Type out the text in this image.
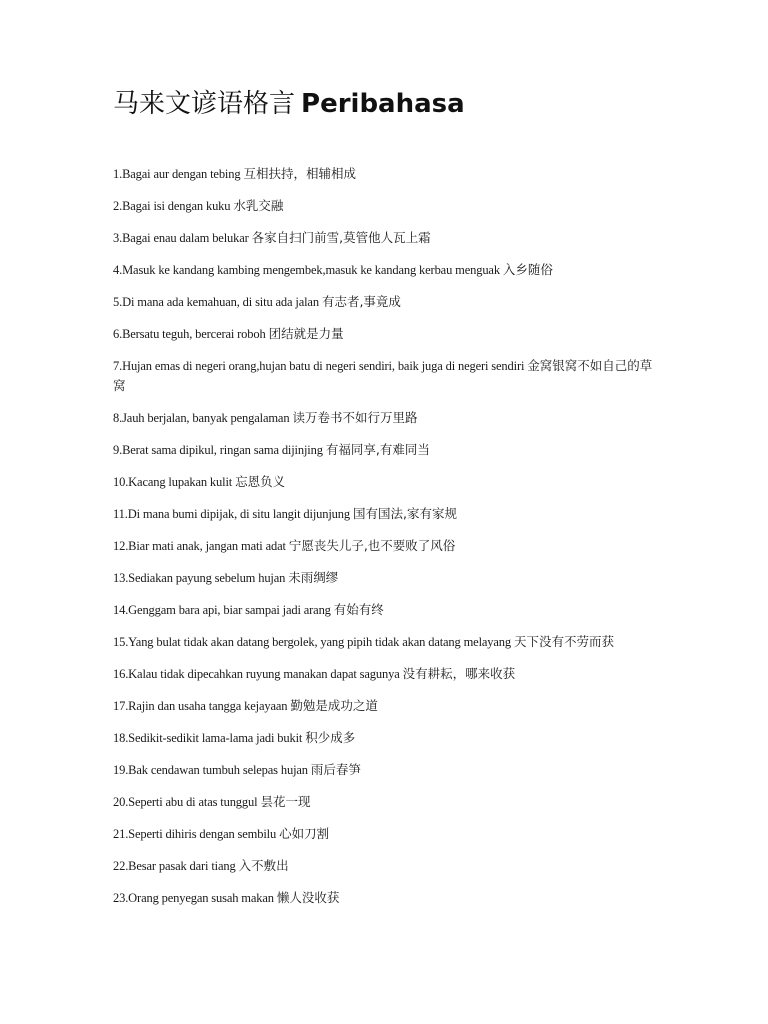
马来文谚语格言 Peribahasa
1.Bagai aur dengan tebing 互相扶持，相辅相成
2.Bagai isi dengan kuku 水乳交融
3.Bagai enau dalam belukar 各家自扫门前雪,莫管他人瓦上霜
4.Masuk ke kandang kambing mengembek,masuk ke kandang kerbau menguak 入乡随俗
5.Di mana ada kemahuan, di situ ada jalan 有志者,事竟成
6.Bersatu teguh, bercerai roboh 团结就是力量
7.Hujan emas di negeri orang,hujan batu di negeri sendiri, baik juga di negeri sendiri 金窝银窝不如自己的草窝
8.Jauh berjalan, banyak pengalaman 读万卷书不如行万里路
9.Berat sama dipikul, ringan sama dijinjing 有福同享,有难同当
10.Kacang lupakan kulit 忘恩负义
11.Di mana bumi dipijak, di situ langit dijunjung 国有国法,家有家规
12.Biar mati anak, jangan mati adat 宁愿丧失儿子,也不要败了风俗
13.Sediakan payung sebelum hujan 未雨绸缪
14.Genggam bara api, biar sampai jadi arang 有始有终
15.Yang bulat tidak akan datang bergolek, yang pipih tidak akan datang melayang 天下没有不劳而获
16.Kalau tidak dipecahkan ruyung manakan dapat sagunya 没有耕耘，哪来收获
17.Rajin dan usaha tangga kejayaan 勤勉是成功之道
18.Sedikit-sedikit lama-lama jadi bukit 积少成多
19.Bak cendawan tumbuh selepas hujan 雨后春笋
20.Seperti abu di atas tunggul 昙花一现
21.Seperti dihiris dengan sembilu 心如刀割
22.Besar pasak dari tiang 入不敷出
23.Orang penyegan susah makan 懒人没收获
